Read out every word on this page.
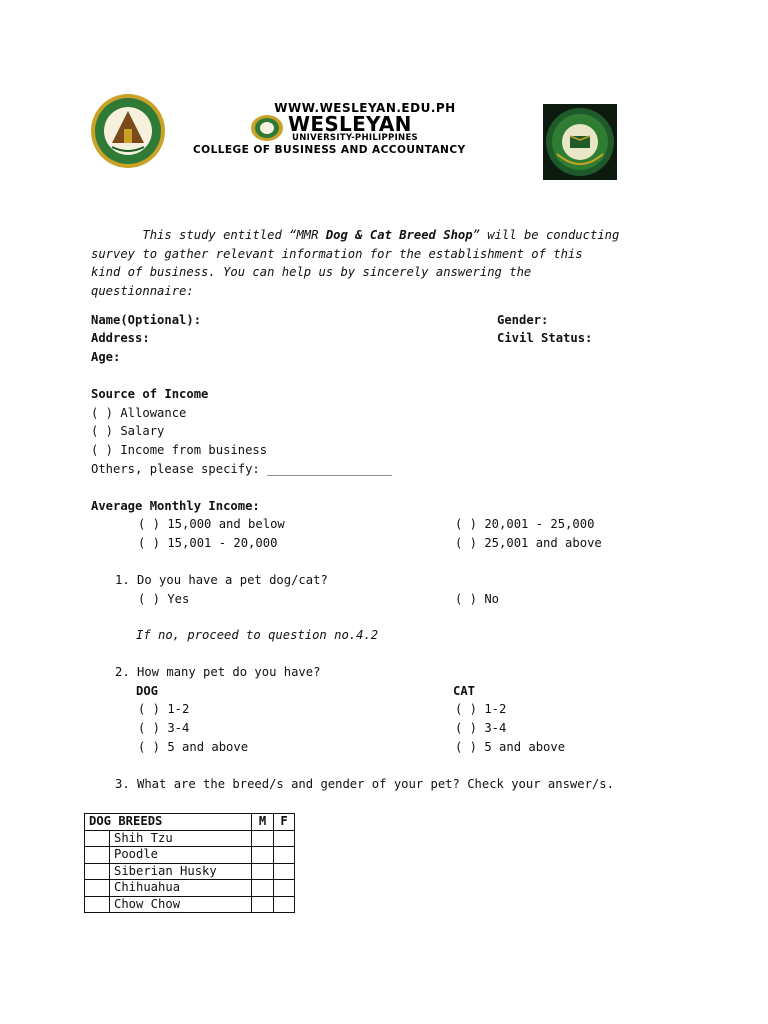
WWW.WESLEYAN.EDU.PH
WESLEYAN
UNIVERSITY-PHILIPPINES
COLLEGE OF BUSINESS AND ACCOUNTANCY
This study entitled “MMR Dog & Cat Breed Shop” will be conducting
survey to gather relevant information for the establishment of this
kind of business. You can help us by sincerely answering the
questionnaire:
Name(Optional):
Address:
Age:
Gender:
Civil Status:
Source of Income
( ) Allowance
( ) Salary
( ) Income from business
Others, please specify: _________________
Average Monthly Income:
( ) 15,000 and below
( ) 15,001 - 20,000
( ) 20,001 - 25,000
( ) 25,001 and above
1. Do you have a pet dog/cat?
( ) Yes	( ) No
If no, proceed to question no.4.2
2. How many pet do you have?
DOG	CAT
( ) 1-2
( ) 3-4
( ) 5 and above
( ) 1-2
( ) 3-4
( ) 5 and above
3. What are the breed/s and gender of your pet? Check your answer/s.
DOG BREEDS		M	F
	Shih Tzu		
	Poodle		
	Siberian Husky		
	Chihuahua		
	Chow Chow		
